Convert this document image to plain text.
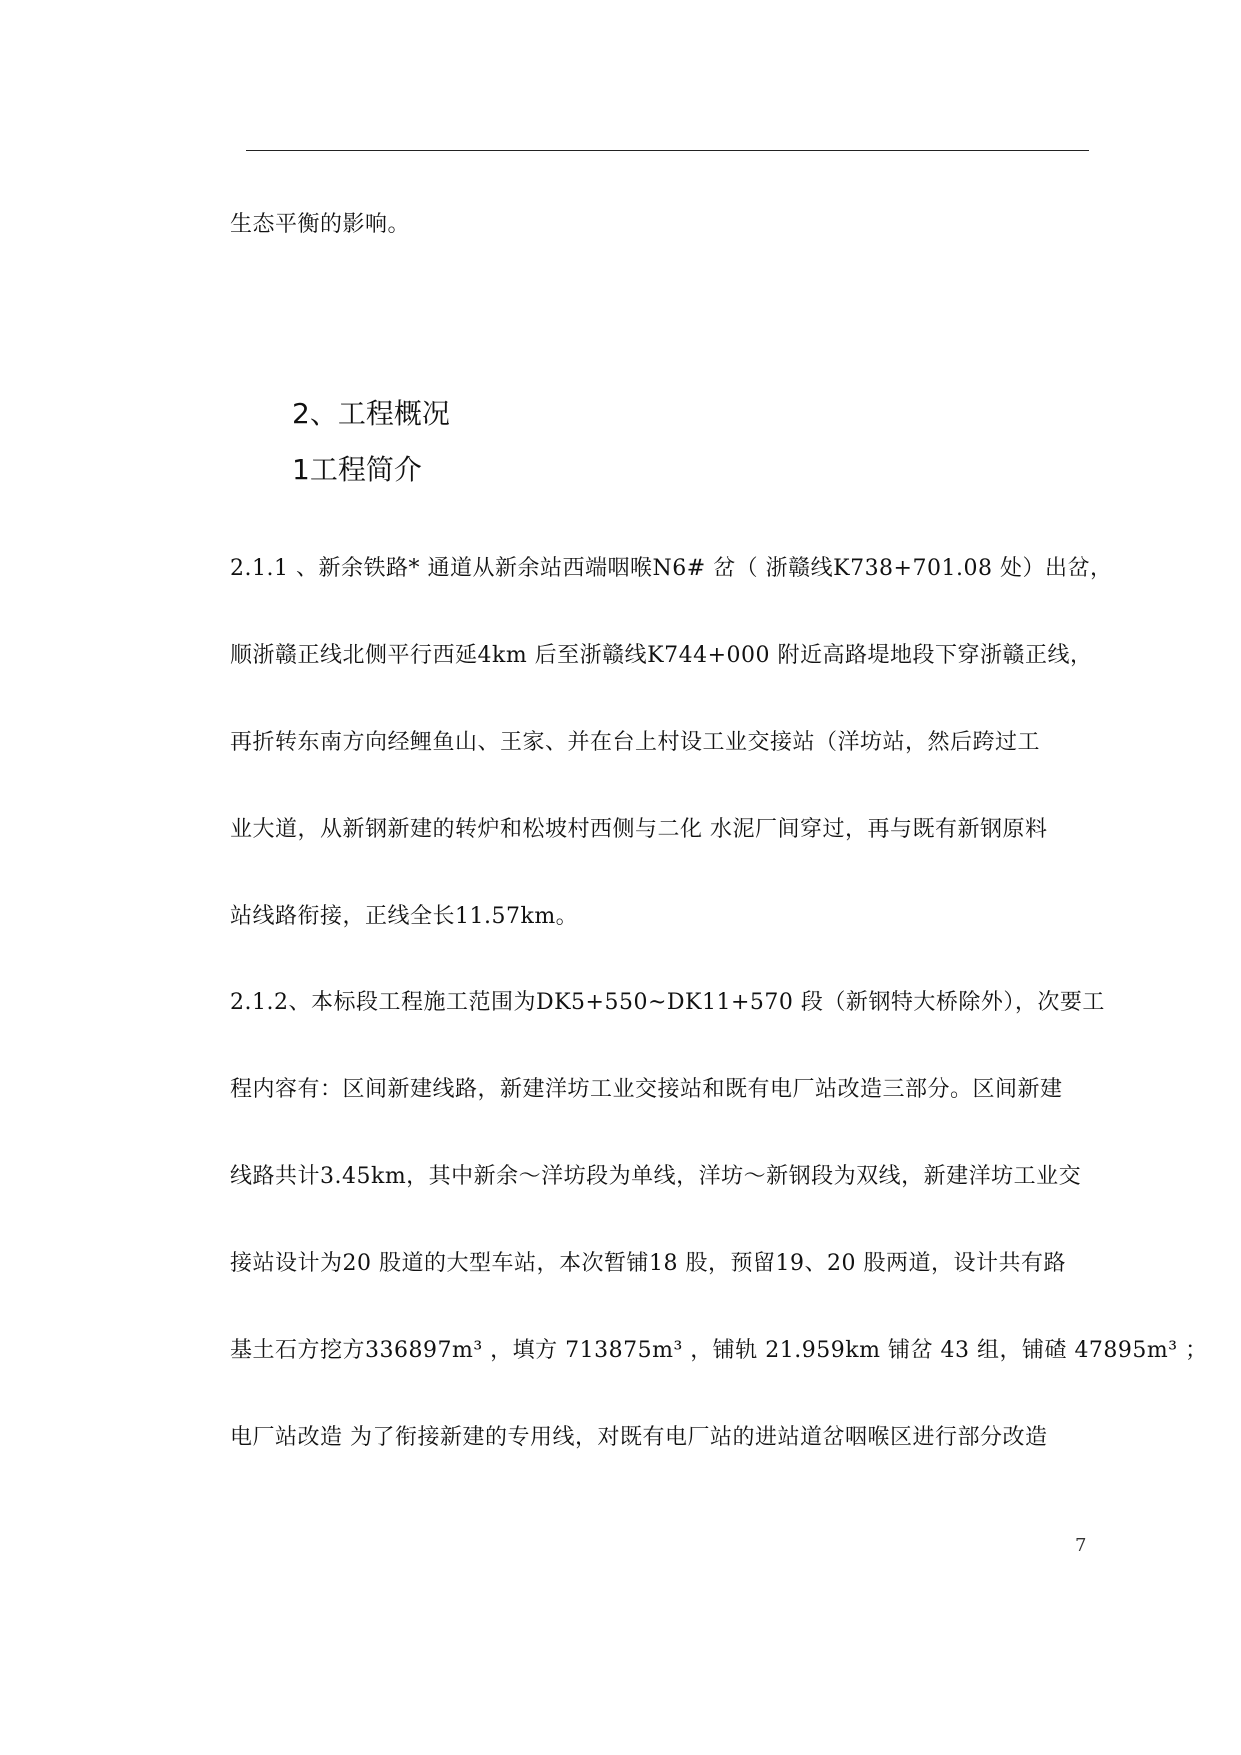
生态平衡的影响。
2、工程概况
1工程简介
2.1.1 、新余铁路* 通道从新余站西端咽喉N6# 岔（ 浙赣线K738+701.08 处）出岔，
顺浙赣正线北侧平行西延4km 后至浙赣线K744+000 附近高路堤地段下穿浙赣正线，
再折转东南方向经鲤鱼山、王家、并在台上村设工业交接站（洋坊站，然后跨过工
业大道，从新钢新建的转炉和松坡村西侧与二化 水泥厂间穿过，再与既有新钢原料
站线路衔接，正线全长11.57km。
2.1.2、本标段工程施工范围为DK5+550~DK11+570 段（新钢特大桥除外），次要工
程内容有：区间新建线路，新建洋坊工业交接站和既有电厂站改造三部分。区间新建
线路共计3.45km，其中新余～洋坊段为单线，洋坊～新钢段为双线，新建洋坊工业交
接站设计为20 股道的大型车站，本次暂铺18 股，预留19、20 股两道，设计共有路
基土石方挖方336897m³ ，填方 713875m³ ，铺轨 21.959km 铺岔 43 组，铺碴 47895m³ ；
电厂站改造 为了衔接新建的专用线，对既有电厂站的进站道岔咽喉区进行部分改造
7
